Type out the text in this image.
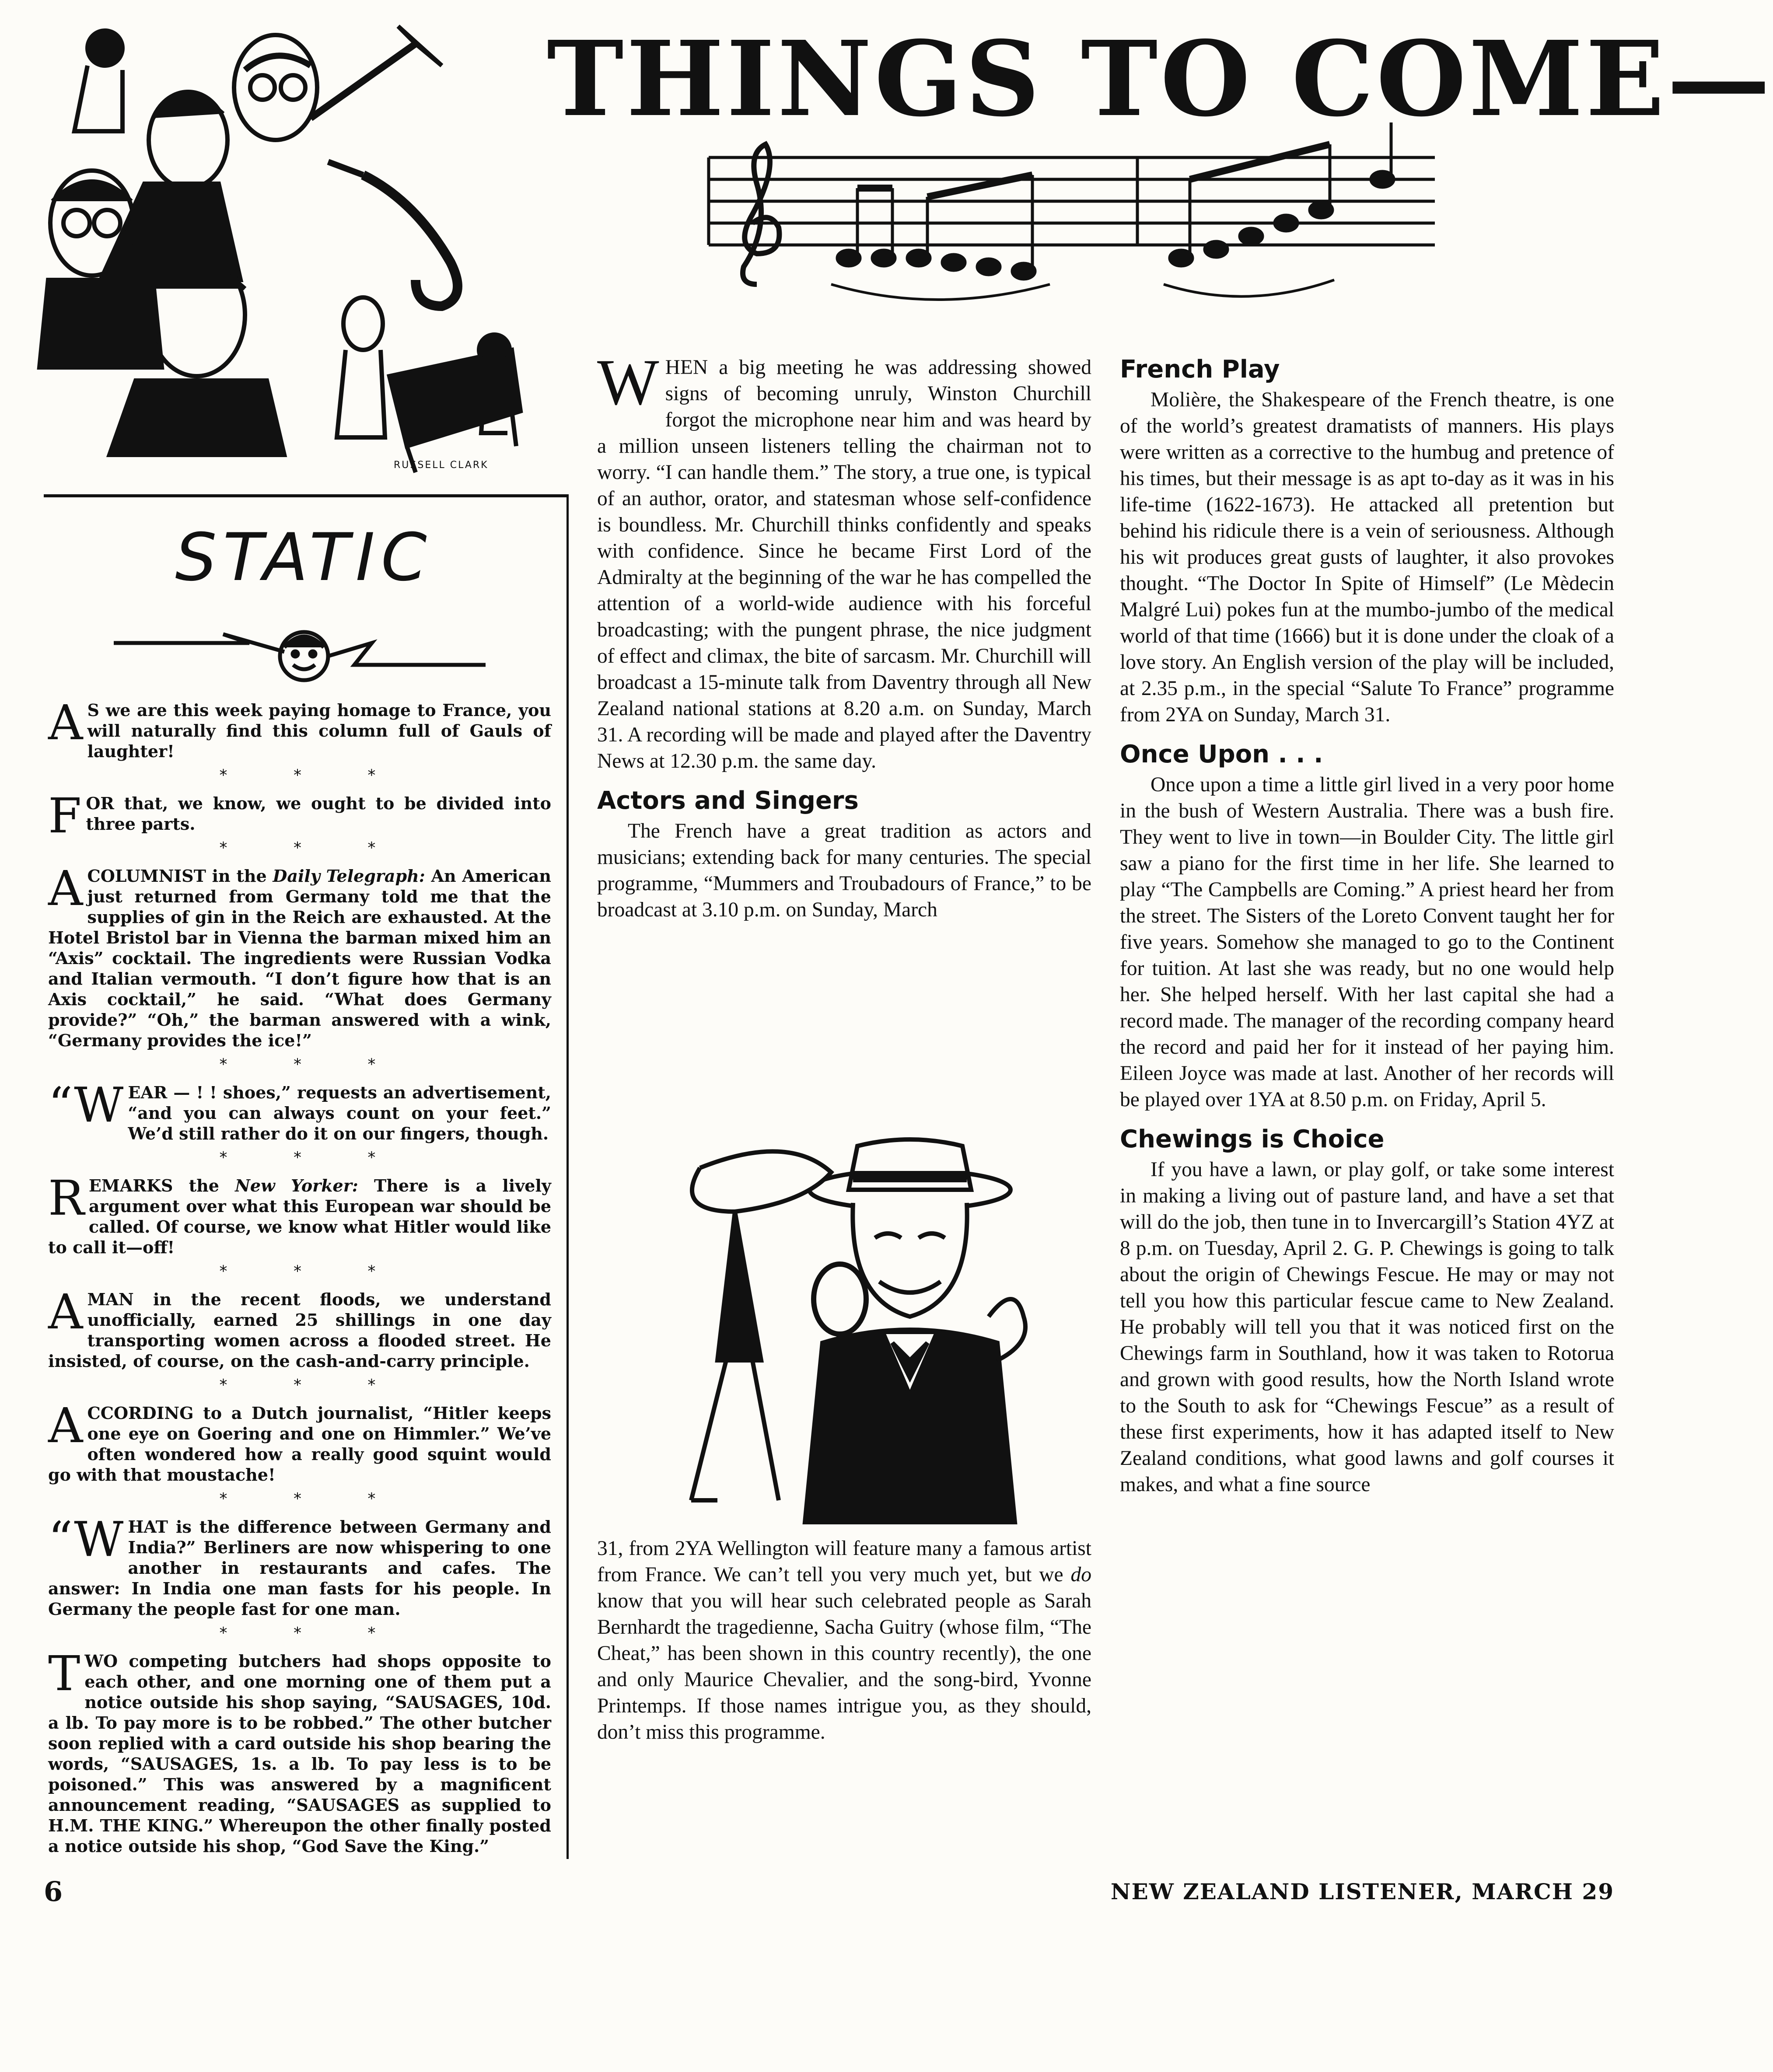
RUSSELL CLARK
THINGS TO COME—
STATIC
A S we are this week paying homage to France, you will naturally find this column full of Gauls of laughter!
* * *
FOR that, we know, we ought to be divided into three parts.
* * *
A COLUMNIST in the Daily Telegraph: An American just returned from Germany told me that the supplies of gin in the Reich are exhausted. At the Hotel Bristol bar in Vienna the barman mixed him an “Axis” cocktail. The ingredients were Russian Vodka and Italian vermouth. “I don’t figure how that is an Axis cocktail,” he said. “What does Germany provide?” “Oh,” the barman answered with a wink, “Germany provides the ice!”
* * *
“W EAR — ! ! shoes,” requests an advertisement, “and you can always count on your feet.” We’d still rather do it on our fingers, though.
* * *
REMARKS the New Yorker: There is a lively argument over what this European war should be called. Of course, we know what Hitler would like to call it—off!
* * *
A MAN in the recent floods, we understand unofficially, earned 25 shillings in one day transporting women across a flooded street. He insisted, of course, on the cash-and-carry principle.
* * *
ACCORDING to a Dutch journalist, “Hitler keeps one eye on Goering and one on Himmler.” We’ve often wondered how a really good squint would go with that moustache!
* * *
“W HAT is the difference between Germany and India?” Berliners are now whispering to one another in restaurants and cafes. The answer: In India one man fasts for his people. In Germany the people fast for one man.
* * *
TWO competing butchers had shops opposite to each other, and one morning one of them put a notice outside his shop saying, “SAUSAGES, 10d. a lb. To pay more is to be robbed.” The other butcher soon replied with a card outside his shop bearing the words, “SAUSAGES, 1s. a lb. To pay less is to be poisoned.” This was answered by a magnificent announcement reading, “SAUSAGES as supplied to H.M. THE KING.” Whereupon the other finally posted a notice outside his shop, “God Save the King.”

WHEN a big meeting he was addressing showed signs of becoming unruly, Winston Churchill forgot the microphone near him and was heard by a million unseen listeners telling the chairman not to worry. “I can handle them.” The story, a true one, is typical of an author, orator, and statesman whose self-confidence is boundless. Mr. Churchill thinks confidently and speaks with confidence. Since he became First Lord of the Admiralty at the beginning of the war he has compelled the attention of a world-wide audience with his forceful broadcasting; with the pungent phrase, the nice judgment of effect and climax, the bite of sarcasm. Mr. Churchill will broadcast a 15-minute talk from Daventry through all New Zealand national stations at 8.20 a.m. on Sunday, March 31. A recording will be made and played after the Daventry News at 12.30 p.m. the same day.

Actors and Singers

The French have a great tradition as actors and musicians; extending back for many centuries. The special programme, “Mummers and Troubadours of France,” to be broadcast at 3.10 p.m. on Sunday, March

31, from 2YA Wellington will feature many a famous artist from France. We can’t tell you very much yet, but we do know that you will hear such celebrated people as Sarah Bernhardt the tragedienne, Sacha Guitry (whose film, “The Cheat,” has been shown in this country recently), the one and only Maurice Chevalier, and the song-bird, Yvonne Printemps. If those names intrigue you, as they should, don’t miss this programme.

French Play

Molière, the Shakespeare of the French theatre, is one of the world’s greatest dramatists of manners. His plays were written as a corrective to the humbug and pretence of his times, but their message is as apt to-day as it was in his life-time (1622-1673). He attacked all pretention but behind his ridicule there is a vein of seriousness. Although his wit produces great gusts of laughter, it also provokes thought. “The Doctor In Spite of Himself” (Le Mèdecin Malgré Lui) pokes fun at the mumbo-jumbo of the medical world of that time (1666) but it is done under the cloak of a love story. An English version of the play will be included, at 2.35 p.m., in the special “Salute To France” programme from 2YA on Sunday, March 31.

Once Upon . . .

Once upon a time a little girl lived in a very poor home in the bush of Western Australia. There was a bush fire. They went to live in town—in Boulder City. The little girl saw a piano for the first time in her life. She learned to play “The Campbells are Coming.” A priest heard her from the street. The Sisters of the Loreto Convent taught her for five years. Somehow she managed to go to the Continent for tuition. At last she was ready, but no one would help her. She helped herself. With her last capital she had a record made. The manager of the recording company heard the record and paid her for it instead of her paying him. Eileen Joyce was made at last. Another of her records will be played over 1YA at 8.50 p.m. on Friday, April 5.

Chewings is Choice

If you have a lawn, or play golf, or take some interest in making a living out of pasture land, and have a set that will do the job, then tune in to Invercargill’s Station 4YZ at 8 p.m. on Tuesday, April 2. G. P. Chewings is going to talk about the origin of Chewings Fescue. He may or may not tell you how this particular fescue came to New Zealand. He probably will tell you that it was noticed first on the Chewings farm in Southland, how it was taken to Rotorua and grown with good results, how the North Island wrote to the South to ask for “Chewings Fescue” as a result of these first experiments, how it has adapted itself to New Zealand conditions, what good lawns and golf courses it makes, and what a fine source

6	NEW ZEALAND LISTENER, MARCH 29
